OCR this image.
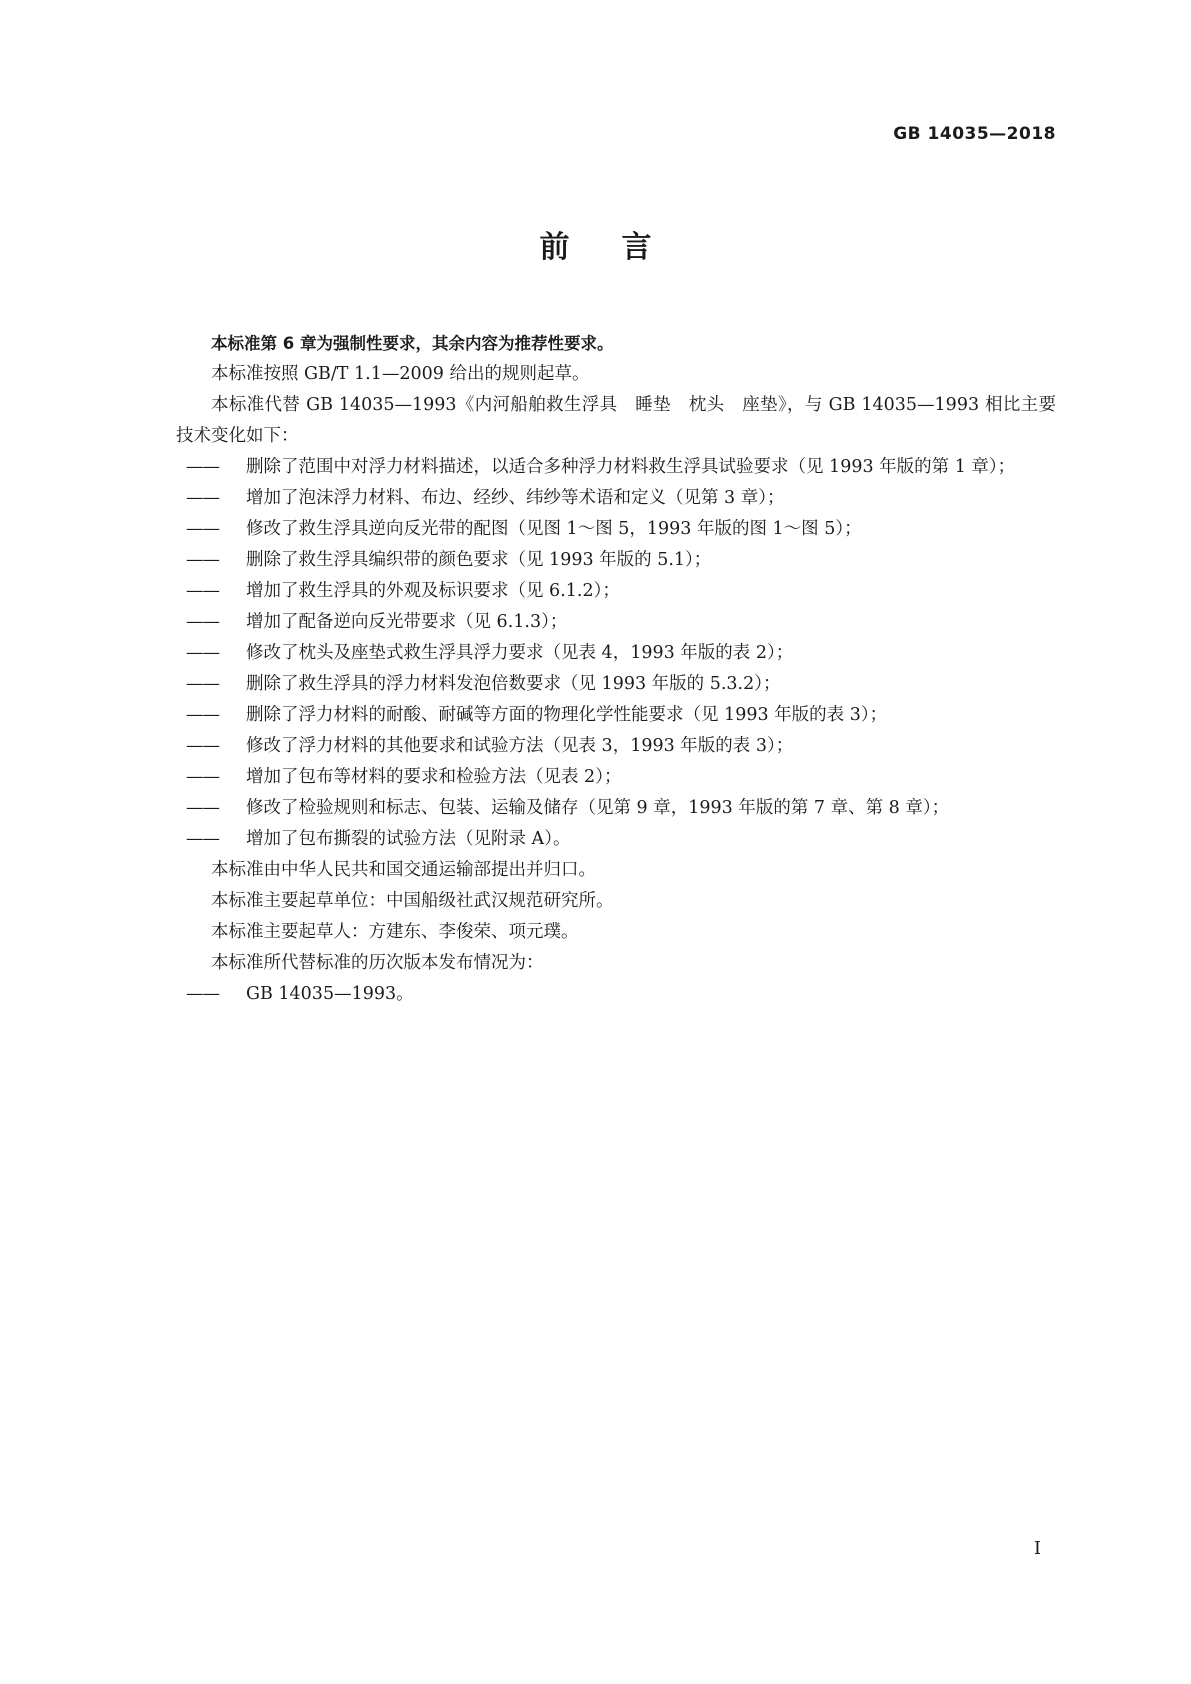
GB 14035—2018
前言

本标准第 6 章为强制性要求，其余内容为推荐性要求。

本标准按照 GB/T 1.1—2009 给出的规则起草。

本标准代替 GB 14035—1993《内河船舶救生浮具　睡垫　枕头　座垫》，与 GB 14035—1993 相比主要技术变化如下：

——	删除了范围中对浮力材料描述，以适合多种浮力材料救生浮具试验要求（见 1993 年版的第 1 章）；
——	增加了泡沫浮力材料、布边、经纱、纬纱等术语和定义（见第 3 章）；
——	修改了救生浮具逆向反光带的配图（见图 1～图 5，1993 年版的图 1～图 5）；
——	删除了救生浮具编织带的颜色要求（见 1993 年版的 5.1）；
——	增加了救生浮具的外观及标识要求（见 6.1.2）；
——	增加了配备逆向反光带要求（见 6.1.3）；
——	修改了枕头及座垫式救生浮具浮力要求（见表 4，1993 年版的表 2）；
——	删除了救生浮具的浮力材料发泡倍数要求（见 1993 年版的 5.3.2）；
——	删除了浮力材料的耐酸、耐碱等方面的物理化学性能要求（见 1993 年版的表 3）；
——	修改了浮力材料的其他要求和试验方法（见表 3，1993 年版的表 3）；
——	增加了包布等材料的要求和检验方法（见表 2）；
——	修改了检验规则和标志、包装、运输及储存（见第 9 章，1993 年版的第 7 章、第 8 章）；
——	增加了包布撕裂的试验方法（见附录 A）。

本标准由中华人民共和国交通运输部提出并归口。

本标准主要起草单位：中国船级社武汉规范研究所。

本标准主要起草人：方建东、李俊荣、项元璞。

本标准所代替标准的历次版本发布情况为：

——	GB 14035—1993。
I
